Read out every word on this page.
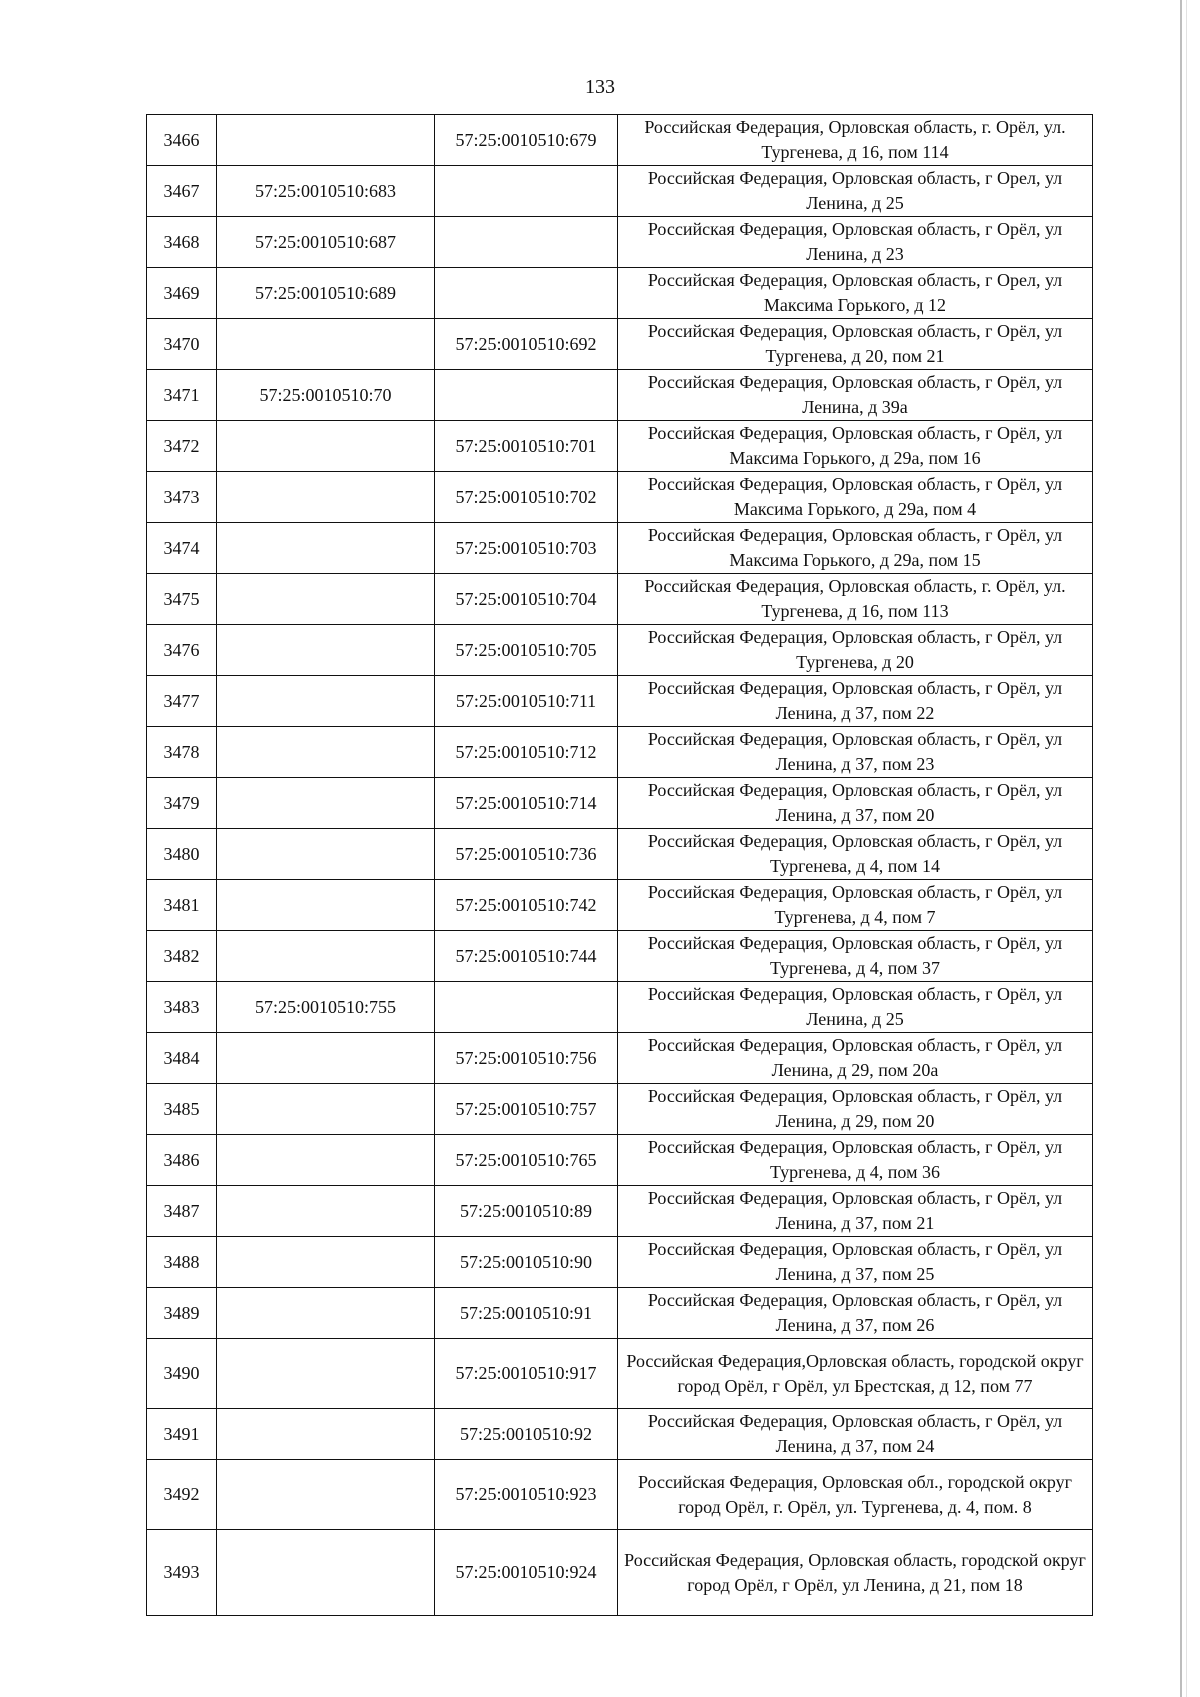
133
3466		57:25:0010510:679	Российская Федерация, Орловская область, г. Орёл, ул. Тургенева, д 16, пом 114
3467	57:25:0010510:683		Российская Федерация, Орловская область, г Орел, ул Ленина, д 25
3468	57:25:0010510:687		Российская Федерация, Орловская область, г Орёл, ул Ленина, д 23
3469	57:25:0010510:689		Российская Федерация, Орловская область, г Орел, ул Максима Горького, д 12
3470		57:25:0010510:692	Российская Федерация, Орловская область, г Орёл, ул Тургенева, д 20, пом 21
3471	57:25:0010510:70		Российская Федерация, Орловская область, г Орёл, ул Ленина, д 39а
3472		57:25:0010510:701	Российская Федерация, Орловская область, г Орёл, ул Максима Горького, д 29а, пом 16
3473		57:25:0010510:702	Российская Федерация, Орловская область, г Орёл, ул Максима Горького, д 29а, пом 4
3474		57:25:0010510:703	Российская Федерация, Орловская область, г Орёл, ул Максима Горького, д 29а, пом 15
3475		57:25:0010510:704	Российская Федерация, Орловская область, г. Орёл, ул. Тургенева, д 16, пом 113
3476		57:25:0010510:705	Российская Федерация, Орловская область, г Орёл, ул Тургенева, д 20
3477		57:25:0010510:711	Российская Федерация, Орловская область, г Орёл, ул Ленина, д 37, пом 22
3478		57:25:0010510:712	Российская Федерация, Орловская область, г Орёл, ул Ленина, д 37, пом 23
3479		57:25:0010510:714	Российская Федерация, Орловская область, г Орёл, ул Ленина, д 37, пом 20
3480		57:25:0010510:736	Российская Федерация, Орловская область, г Орёл, ул Тургенева, д 4, пом 14
3481		57:25:0010510:742	Российская Федерация, Орловская область, г Орёл, ул Тургенева, д 4, пом 7
3482		57:25:0010510:744	Российская Федерация, Орловская область, г Орёл, ул Тургенева, д 4, пом 37
3483	57:25:0010510:755		Российская Федерация, Орловская область, г Орёл, ул Ленина, д 25
3484		57:25:0010510:756	Российская Федерация, Орловская область, г Орёл, ул Ленина, д 29, пом 20а
3485		57:25:0010510:757	Российская Федерация, Орловская область, г Орёл, ул Ленина, д 29, пом 20
3486		57:25:0010510:765	Российская Федерация, Орловская область, г Орёл, ул Тургенева, д 4, пом 36
3487		57:25:0010510:89	Российская Федерация, Орловская область, г Орёл, ул Ленина, д 37, пом 21
3488		57:25:0010510:90	Российская Федерация, Орловская область, г Орёл, ул Ленина, д 37, пом 25
3489		57:25:0010510:91	Российская Федерация, Орловская область, г Орёл, ул Ленина, д 37, пом 26
3490		57:25:0010510:917	Российская Федерация,Орловская область, городской округ город Орёл, г Орёл, ул Брестская, д 12, пом 77
3491		57:25:0010510:92	Российская Федерация, Орловская область, г Орёл, ул Ленина, д 37, пом 24
3492		57:25:0010510:923	Российская Федерация, Орловская обл., городской округ город Орёл, г. Орёл, ул. Тургенева, д. 4, пом. 8
3493		57:25:0010510:924	Российская Федерация, Орловская область, городской округ город Орёл, г Орёл, ул Ленина, д 21, пом 18
